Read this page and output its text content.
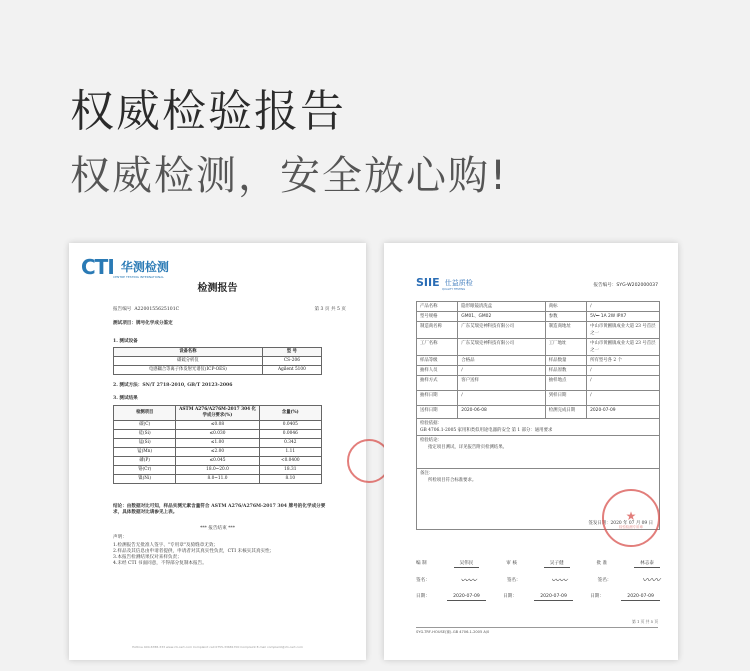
权威检验报告
权威检测，安全放心购!
CTI 华测检测
CENTRE TESTING INTERNATIONAL
检测报告
报告编号 A2200155625101C	第 3 页 共 5 页
测试项目：牌号化学成分鉴定
1. 测试设备
设备名称	型 号
碳硫分析仪	CS-206
电感耦合等离子体发射光谱仪(ICP-OES)	Agilent 5100
2. 测试方法：SN/T 2718-2010, GB/T 20123-2006
3. 测试结果
检测项目	ASTM A276/A276M-2017 304 化学成分要求(%)	含量(%)
碳(C)	≤0.08	0.0405
硅(Si)	≤0.030	0.0046
锰(Si)	≤1.00	0.342
锰(Mn)	≤2.00	1.11
磷(P)	≤0.045	<0.0400
铬(Cr)	18.0~20.0	18.31
镍(Ni)	8.0~11.0	8.10
结论：由数据对比可知，样品实测元素含量符合 ASTM A276/A276M-2017 304 牌号的化学成分要求，具体数据对比请参见上表。
*** 报告结束 ***
声明：
1.检测报告无批准人签字、"专用章"及骑缝章无效；
2.样品及其信息由申请者提供，申请者对其真实性负责，CTI 未核实其真实性；
3.本报告检测结果仅对来样负责；
4.未经 CTI 书面同意，不得部分复制本报告。
Hotline 400-6788-333 www.cti-cert.com Complaint call 0755-33681700 Complaint E-mail complaint@cti-cert.com
SIIE 仕益质检
QUALITY TESTING
报告编号：SYG-W202000037
产品名称	隐形眼镜清洗盒	商标	/
型号规格	GM01、GM02	参数	5V⎓ 1A 2W IPX7
制造商名称	广东艾瑞克神科技有限公司	制造商地址	中山市黄圃镇成业大道 23 号首层之一
工厂名称	广东艾瑞克神科技有限公司	工厂地址	中山市黄圃镇成业大道 23 号首层之一
样品等级	合格品	样品数量	所有型号各 2 个
抽样人员	/	样品原数	/
抽样方式	客户送样	抽样地点	/
抽样日期	/	到样日期	/
送样日期	2020-06-08	检测完成日期	2020-07-09

检验依据：
GB 4706.1-2005 家用和类似用途电器的安全 第 1 部分：通用要求			

检验结论：
指定项目测试，详见报告附页检测结果。			

备注：
所检项目符合标准要求。
签发日期：2020 年 07 月 09 日			
★
检验检测专用章
编 制	吴伟民	审 核	吴子健	批 准	林志泰
签名：	〰〰	签名：	〰〰	签名：	〰〰
日期：	2020-07-09	日期：	2020-07-09	日期：	2020-07-09
SYG-TRF-HOUSE(赛)-GB 4706.1-2005 A/0
第 1 页 共 5 页
